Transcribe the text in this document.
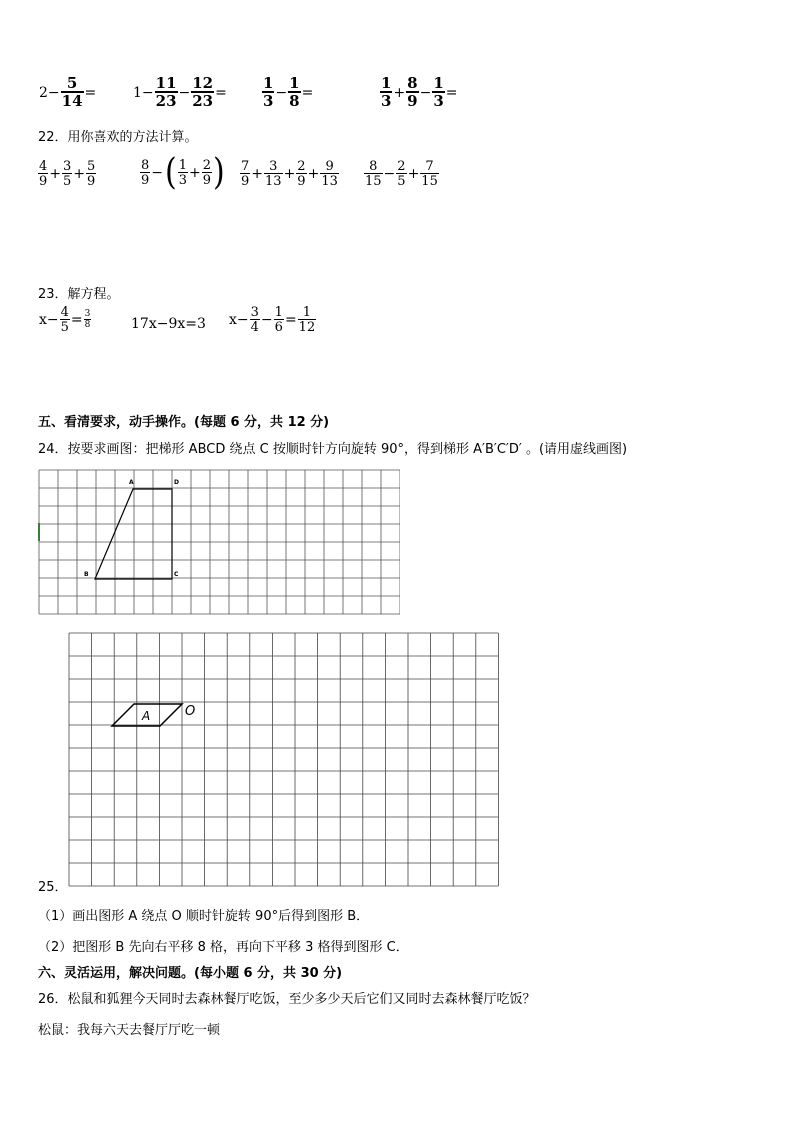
$2- \frac{5}{14}$ =	$1- \frac{11}{23} - \frac{12}{23} = \frac{1}{3} - \frac{1}{8}$ =	$\frac{1}{3} + \frac{8}{9} - \frac{1}{3}$ =
22．用你喜欢的方法计算。
$\frac{4}{9} + \frac{3}{5} + \frac{5}{9}$	$\frac{8}{9}$ − ( $\frac{1}{3} + \frac{2}{9}$ ) $\frac{7}{9} + \frac{3}{13} + \frac{2}{9} + \frac{9}{13} \frac{8}{15} - \frac{2}{5} + \frac{7}{15}$
23．解方程。
$x- \frac{4}{5} = \frac{3}{8}$	17x−9x=3 $x- \frac{3}{4} - \frac{1}{6} = \frac{1}{12}$
五、看清要求，动手操作。(每题 6 分，共 12 分)
24．按要求画图：把梯形 ABCD 绕点 C 按顺时针方向旋转 90°，得到梯形 A′B′C′D′ 。(请用虚线画图)
A	D
B	C
A	O
25．
（1）画出图形 A 绕点 O 顺时针旋转 90°后得到图形 B．
（2）把图形 B 先向右平移 8 格，再向下平移 3 格得到图形 C．
六、灵活运用，解决问题。(每小题 6 分，共 30 分)
26．松鼠和狐狸今天同时去森林餐厅吃饭，至少多少天后它们又同时去森林餐厅吃饭？
松鼠：我每六天去餐厅厅吃一顿
